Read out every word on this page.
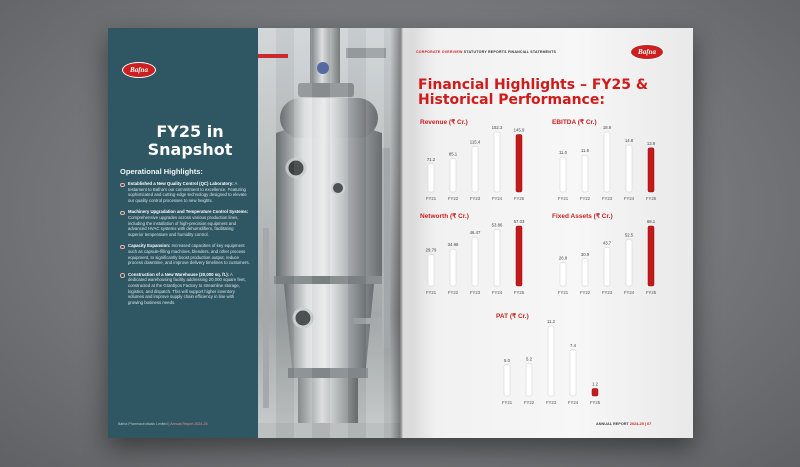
Bafna
FY25 in
Snapshot
Operational Highlights:
Established a New Quality Control (QC) Laboratory: A testament to Bafna's our commitment to excellence. Featuring sophisticated and cutting-edge technology designed to elevate our quality control processes to new heights.
Machinery Upgradation and Temperature Control Systems: Comprehensive upgrades across various production lines, including the installation of high-precision equipment and advanced HVAC systems with dehumidifiers, facilitating superior temperature and humidity control.
Capacity Expansion: Increased capacities of key equipment such as capsule-filling machines, blenders, and other process equipment, to significantly boost production output, reduce process downtime, and improve delivery timelines to customers.
Construction of a New Warehouse (20,000 sq. ft.): A dedicated warehousing facility addressing 20,000 square feet, constructed at the Grantlyon Factory to streamline storage, logistics, and dispatch. This will support higher inventory volumes and improve supply chain efficiency in line with growing business needs.
Bafna Pharmaceuticals Limited | Annual Report 2024-25
CORPORATE OVERVIEW STATUTORY REPORTS FINANCIAL STATEMENTS	Bafna
Financial Highlights – FY25 &
Historical Performance:
Revenue (₹ Cr.)
71.2
FY21
85.1
FY22
115.4
FY23
152.3
FY24
145.9
FY25
EBITDA (₹ Cr.)
11.0
FY21
11.6
FY22
18.9
FY23
14.8
FY24
13.9
FY25
Networth (₹ Cr.)
29.79
FY21
34.98
FY22
46.47
FY23
53.86
FY24
57.03
FY25
Fixed Assets (₹ Cr.)
26.8
FY21
30.9
FY22
43.7
FY23
52.5
FY24
68.1
FY25
PAT (₹ Cr.)
5.0
FY21
5.2
FY22
11.2
FY23
7.4
FY24
1.2
FY25
ANNUAL REPORT 2024-25 | 07
